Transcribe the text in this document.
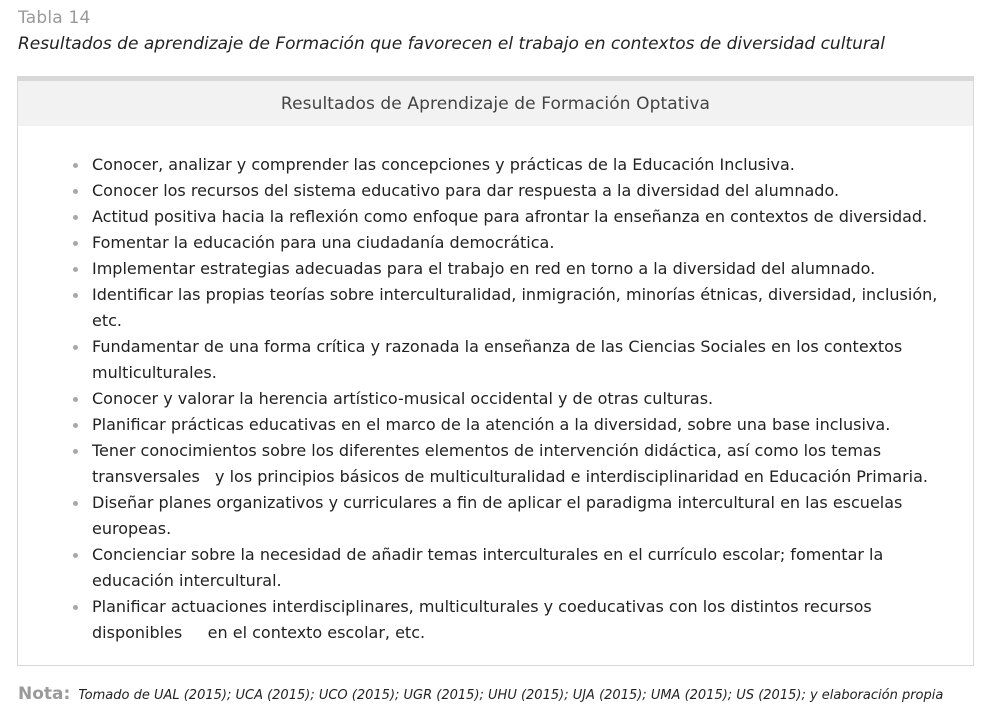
Tabla 14
Resultados de aprendizaje de Formación que favorecen el trabajo en contextos de diversidad cultural
Resultados de Aprendizaje de Formación Optativa
Conocer, analizar y comprender las concepciones y prácticas de la Educación Inclusiva.
Conocer los recursos del sistema educativo para dar respuesta a la diversidad del alumnado.
Actitud positiva hacia la reflexión como enfoque para afrontar la enseñanza en contextos de diversidad.
Fomentar la educación para una ciudadanía democrática.
Implementar estrategias adecuadas para el trabajo en red en torno a la diversidad del alumnado.
Identificar las propias teorías sobre interculturalidad, inmigración, minorías étnicas, diversidad, inclusión, etc.
Fundamentar de una forma crítica y razonada la enseñanza de las Ciencias Sociales en los contextos multiculturales.
Conocer y valorar la herencia artístico-musical occidental y de otras culturas.
Planificar prácticas educativas en el marco de la atención a la diversidad, sobre una base inclusiva.
Tener conocimientos sobre los diferentes elementos de intervención didáctica, así como los temas transversales   y los principios básicos de multiculturalidad e interdisciplinaridad en Educación Primaria.
Diseñar planes organizativos y curriculares a fin de aplicar el paradigma intercultural en las escuelas europeas.
Concienciar sobre la necesidad de añadir temas interculturales en el currículo escolar; fomentar la educación intercultural.
Planificar actuaciones interdisciplinares, multiculturales y coeducativas con los distintos recursos disponibles     en el contexto escolar, etc.
Nota: Tomado de UAL (2015); UCA (2015); UCO (2015); UGR (2015); UHU (2015); UJA (2015); UMA (2015); US (2015); y elaboración propia
